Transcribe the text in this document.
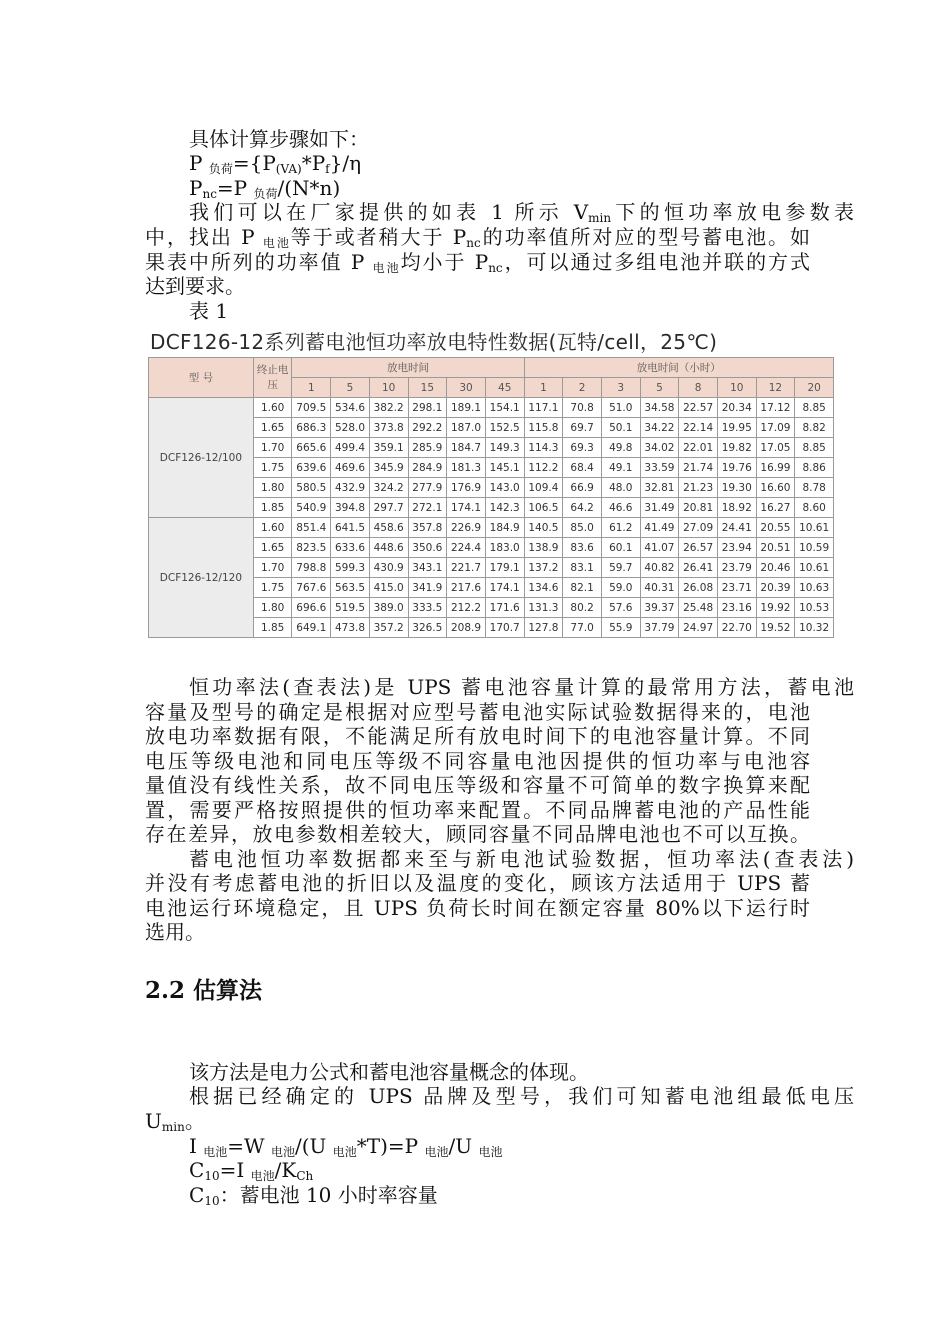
具体计算步骤如下：
P $_{负荷}=\{P_{(VA)}*P_f\}/\eta$
$P_{nc}=P$ $_{负荷}$/(N*n)
我们可以在厂家提供的如表 1 所示 $V_{min}$下的恒功率放电参数表
中，找出 P $_{电池}$等于或者稍大于 $P_{nc}$的功率值所对应的型号蓄电池。如
果表中所列的功率值 P $_{电池}$均小于 $P_{nc}$，可以通过多组电池并联的方式
达到要求。
表 1
DCF126-12系列蓄电池恒功率放电特性数据(瓦特/cell，25℃)
型 号	终止电压	放电时间						放电时间（小时）							
		1	5	10	15	30	45	1	2	3	5	8	10	12	20
DCF126-12/100	1.60	709.5	534.6	382.2	298.1	189.1	154.1	117.1	70.8	51.0	34.58	22.57	20.34	17.12	8.85
	1.65	686.3	528.0	373.8	292.2	187.0	152.5	115.8	69.7	50.1	34.22	22.14	19.95	17.09	8.82
	1.70	665.6	499.4	359.1	285.9	184.7	149.3	114.3	69.3	49.8	34.02	22.01	19.82	17.05	8.85
	1.75	639.6	469.6	345.9	284.9	181.3	145.1	112.2	68.4	49.1	33.59	21.74	19.76	16.99	8.86
	1.80	580.5	432.9	324.2	277.9	176.9	143.0	109.4	66.9	48.0	32.81	21.23	19.30	16.60	8.78
	1.85	540.9	394.8	297.7	272.1	174.1	142.3	106.5	64.2	46.6	31.49	20.81	18.92	16.27	8.60
DCF126-12/120	1.60	851.4	641.5	458.6	357.8	226.9	184.9	140.5	85.0	61.2	41.49	27.09	24.41	20.55	10.61
	1.65	823.5	633.6	448.6	350.6	224.4	183.0	138.9	83.6	60.1	41.07	26.57	23.94	20.51	10.59
	1.70	798.8	599.3	430.9	343.1	221.7	179.1	137.2	83.1	59.7	40.82	26.41	23.79	20.46	10.61
	1.75	767.6	563.5	415.0	341.9	217.6	174.1	134.6	82.1	59.0	40.31	26.08	23.71	20.39	10.63
	1.80	696.6	519.5	389.0	333.5	212.2	171.6	131.3	80.2	57.6	39.37	25.48	23.16	19.92	10.53
	1.85	649.1	473.8	357.2	326.5	208.9	170.7	127.8	77.0	55.9	37.79	24.97	22.70	19.52	10.32
恒功率法(查表法)是 UPS 蓄电池容量计算的最常用方法，蓄电池
容量及型号的确定是根据对应型号蓄电池实际试验数据得来的，电池
放电功率数据有限，不能满足所有放电时间下的电池容量计算。不同
电压等级电池和同电压等级不同容量电池因提供的恒功率与电池容
量值没有线性关系，故不同电压等级和容量不可简单的数字换算来配
置，需要严格按照提供的恒功率来配置。不同品牌蓄电池的产品性能
存在差异，放电参数相差较大，顾同容量不同品牌电池也不可以互换。
蓄电池恒功率数据都来至与新电池试验数据，恒功率法(查表法)
并没有考虑蓄电池的折旧以及温度的变化，顾该方法适用于 UPS 蓄
电池运行环境稳定，且 UPS 负荷长时间在额定容量 80%以下运行时
选用。
2.2 估算法
该方法是电力公式和蓄电池容量概念的体现。
根据已经确定的 UPS 品牌及型号，我们可知蓄电池组最低电压
$U_{min}$。
I $_{电池}$=W $_{电池}$/(U $_{电池}$*T)=P $_{电池}$/U $_{电池}$
$C_{10}=I$ $_{电池}/K_{Ch}$
$C_{10}$：蓄电池 10 小时率容量
